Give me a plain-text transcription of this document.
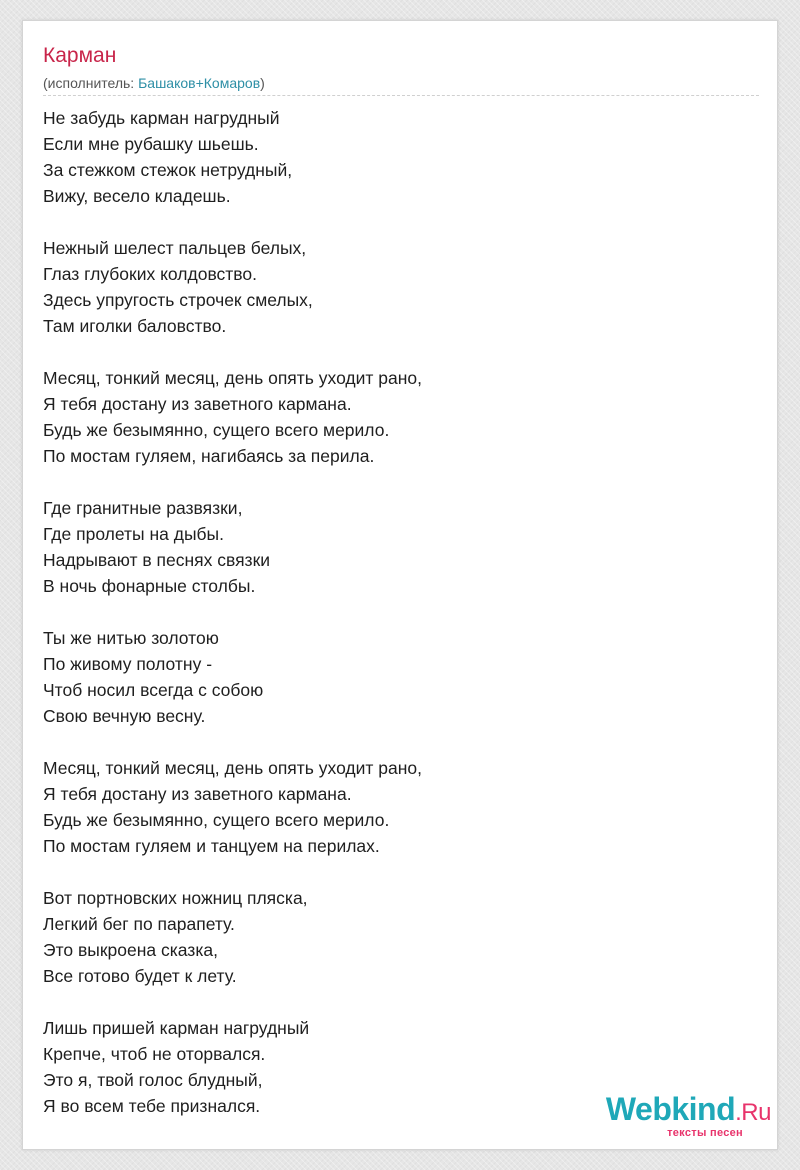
Карман
(исполнитель: Башаков+Комаров)
Не забудь карман нагрудный
Если мне рубашку шьешь.
За стежком стежок нетрудный,
Вижу, весело кладешь.
Нежный шелест пальцев белых,
Глаз глубоких колдовство.
Здесь упругость строчек смелых,
Там иголки баловство.
Месяц, тонкий месяц, день опять уходит рано,
Я тебя достану из заветного кармана.
Будь же безымянно, сущего всего мерило.
По мостам гуляем, нагибаясь за перила.
Где гранитные развязки,
Где пролеты на дыбы.
Надрывают в песнях связки
В ночь фонарные столбы.
Ты же нитью золотою
По живому полотну -
Чтоб носил всегда с собою
Свою вечную весну.
Месяц, тонкий месяц, день опять уходит рано,
Я тебя достану из заветного кармана.
Будь же безымянно, сущего всего мерило.
По мостам гуляем и танцуем на перилах.
Вот портновских ножниц пляска,
Легкий бег по парапету.
Это выкроена сказка,
Все готово будет к лету.
Лишь пришей карман нагрудный
Крепче, чтоб не оторвался.
Это я, твой голос блудный,
Я во всем тебе признался.	Webkind.Ru
тексты песен
